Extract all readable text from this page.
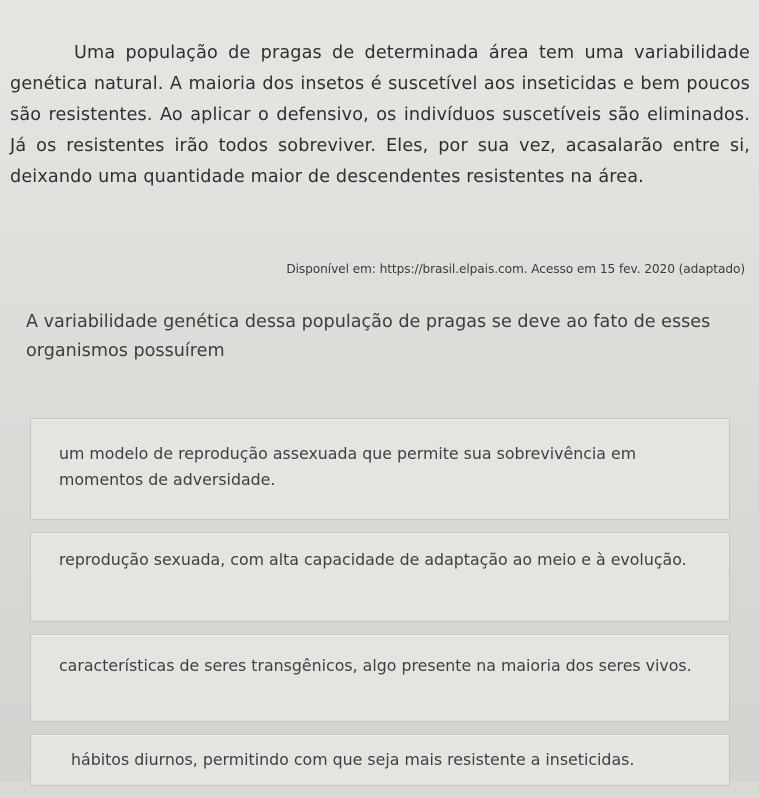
Uma população de pragas de determinada área tem uma variabilidade genética natural. A maioria dos insetos é suscetível aos inseticidas e bem poucos são resistentes. Ao aplicar o defensivo, os indivíduos suscetíveis são eliminados. Já os resistentes irão todos sobreviver. Eles, por sua vez, acasalarão entre si, deixando uma quantidade maior de descendentes resistentes na área.

Disponível em: https://brasil.elpais.com. Acesso em 15 fev. 2020 (adaptado)
A variabilidade genética dessa população de pragas se deve ao fato de esses organismos possuírem
um modelo de reprodução assexuada que permite sua sobrevivência em momentos de adversidade.
reprodução sexuada, com alta capacidade de adaptação ao meio e à evolução.
características de seres transgênicos, algo presente na maioria dos seres vivos.
hábitos diurnos, permitindo com que seja mais resistente a inseticidas.
